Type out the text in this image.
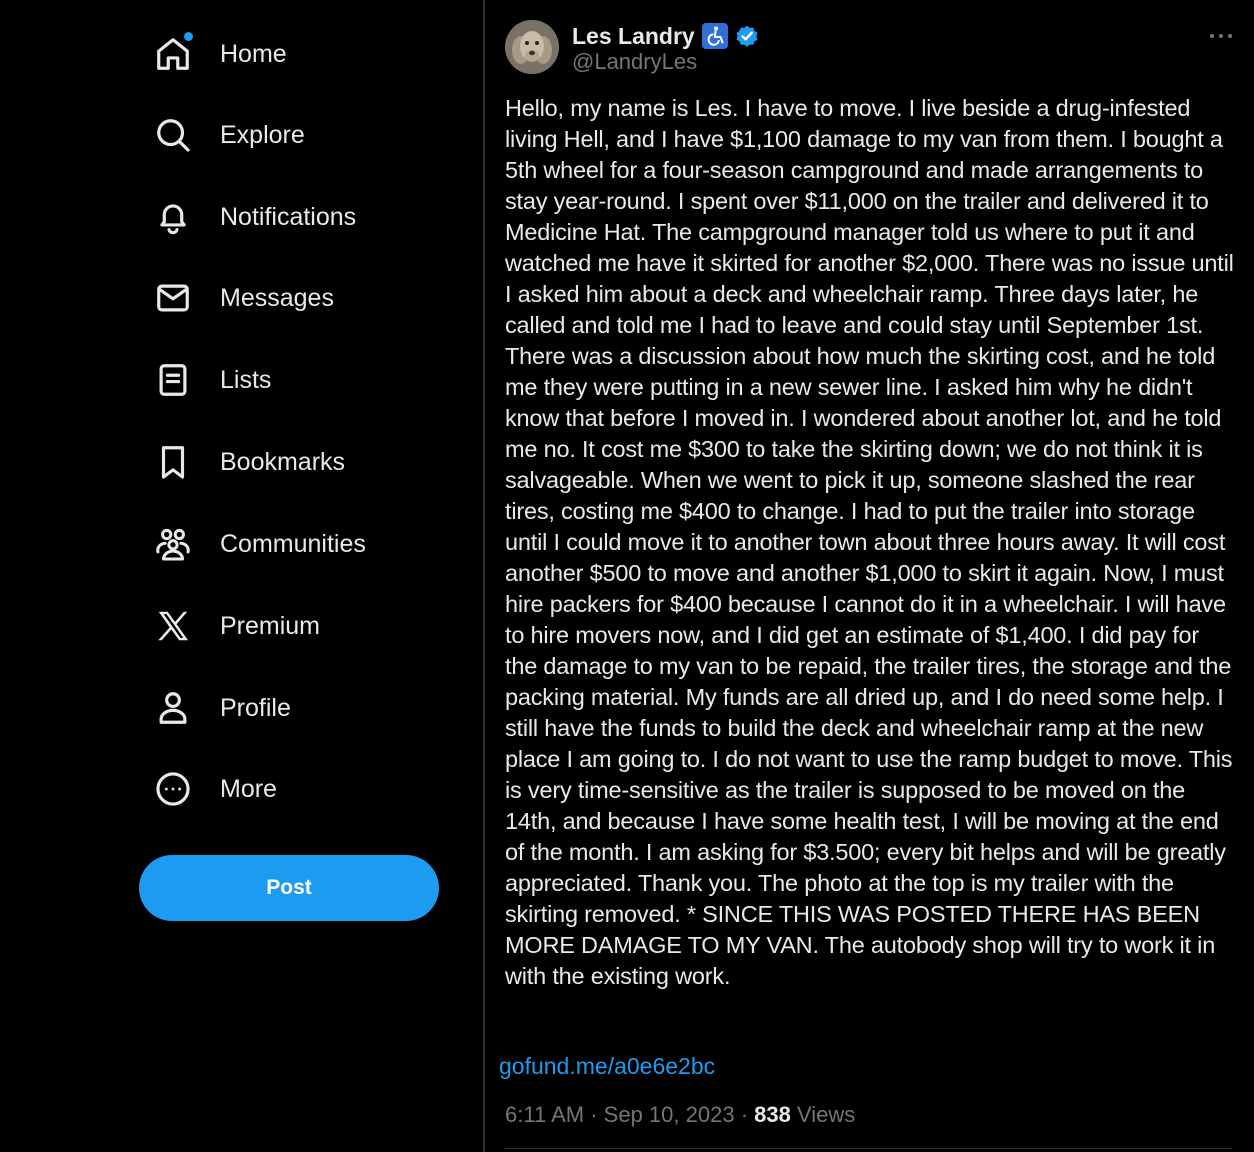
Home
Explore
Notifications
Messages
Lists
Bookmarks
Communities
Premium
Profile
More
Post
Les Landry
@LandryLes

Hello, my name is Les. I have to move. I live beside a drug-infested living Hell, and I have $1,100 damage to my van from them. I bought a 5th wheel for a four-season campground and made arrangements to stay year-round. I spent over $11,000 on the trailer and delivered it to Medicine Hat. The campground manager told us where to put it and watched me have it skirted for another $2,000. There was no issue until I asked him about a deck and wheelchair ramp. Three days later, he called and told me I had to leave and could stay until September 1st. There was a discussion about how much the skirting cost, and he told me they were putting in a new sewer line. I asked him why he didn't know that before I moved in. I wondered about another lot, and he told me no. It cost me $300 to take the skirting down; we do not think it is salvageable. When we went to pick it up, someone slashed the rear tires, costing me $400 to change. I had to put the trailer into storage until I could move it to another town about three hours away. It will cost another $500 to move and another $1,000 to skirt it again. Now, I must hire packers for $400 because I cannot do it in a wheelchair. I will have to hire movers now, and I did get an estimate of $1,400. I did pay for the damage to my van to be repaid, the trailer tires, the storage and the packing material. My funds are all dried up, and I do need some help. I still have the funds to build the deck and wheelchair ramp at the new place I am going to. I do not want to use the ramp budget to move. This is very time-sensitive as the trailer is supposed to be moved on the 14th, and because I have some health test, I will be moving at the end of the month. I am asking for $3.500; every bit helps and will be greatly appreciated. Thank you. The photo at the top is my trailer with the skirting removed. * SINCE THIS WAS POSTED THERE HAS BEEN MORE DAMAGE TO MY VAN. The autobody shop will try to work it in with the existing work.

gofund.me/a0e6e2bc
6:11 AM · Sep 10, 2023 · 838 Views
